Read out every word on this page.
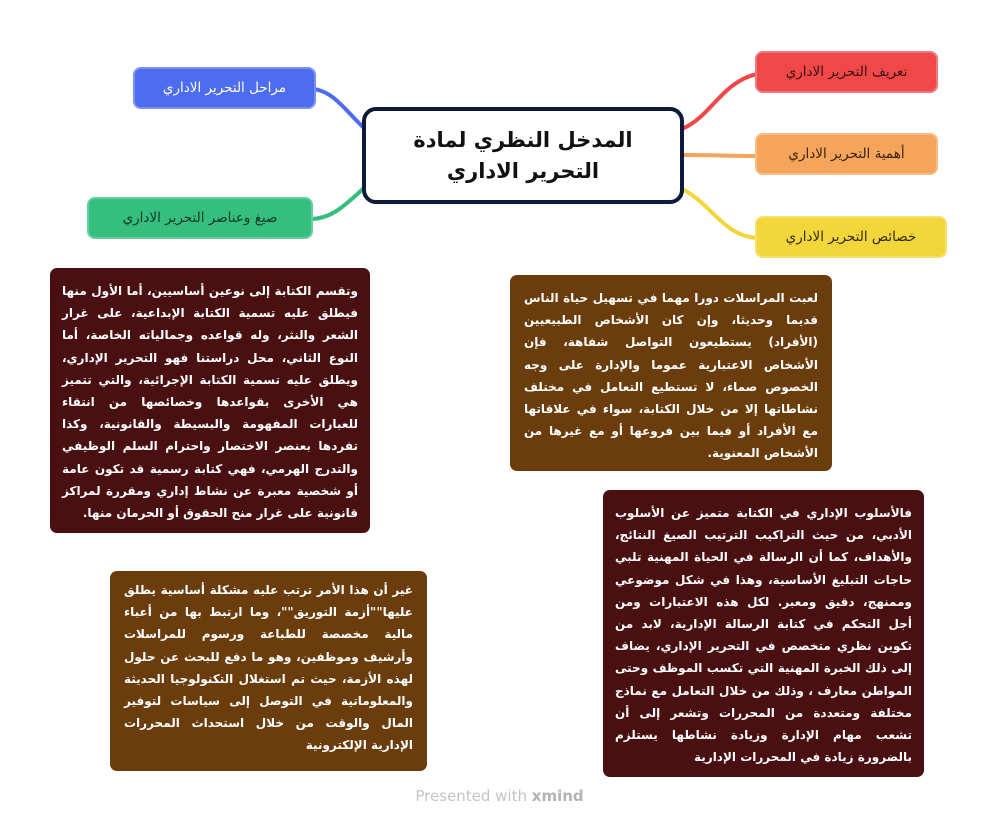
المدخل النظري لمادة التحرير الاداري
تعريف التحرير الاداري
أهمية التحرير الاداري
خصائص التحرير الاداري
مراحل التحرير الاداري
صيغ وعناصر التحرير الاداري
وتقسم الكتابة إلى نوعين أساسيين، أما الأول منها فيطلق عليه تسمية الكتابة الإبداعية، على غرار الشعر والنثر، وله قواعده وجمالياته الخاصة، أما النوع الثاني، محل دراستنا فهو التحرير الإداري، ويطلق عليه تسمية الكتابة الإجرائية، والتي تتميز هي الأخرى بقواعدها وخصائصها من انتقاء للعبارات المفهومة والبسيطة والقانونية، وكذا تفردها بعنصر الاختصار واحترام السلم الوظيفي والتدرج الهرمي، فهي كتابة رسمية قد تكون عامة أو شخصية معبرة عن نشاط إداري ومقررة لمراكز قانونية على غرار منح الحقوق أو الحرمان منها.
لعبت المراسلات دورا مهما في تسهيل حياة الناس قديما وحديثا، وإن كان الأشخاص الطبيعيين (الأفراد) يستطيعون التواصل شفاهة، فإن الأشخاص الاعتبارية عموما والإدارة على وجه الخصوص صماء، لا تستطيع التعامل في مختلف نشاطاتها إلا من خلال الكتابة، سواء في علاقاتها مع الأفراد أو فيما بين فروعها أو مع غيرها من الأشخاص المعنوية.
فالأسلوب الإداري في الكتابة متميز عن الأسلوب الأدبي، من حيث التراكيب الترتيب الصيغ النتائج، والأهداف، كما أن الرسالة في الحياة المهنية تلبي حاجات التبليغ الأساسية، وهذا في شكل موضوعي وممنهج، دقيق ومعبر. لكل هذه الاعتبارات ومن أجل التحكم في كتابة الرسالة الإدارية، لابد من تكوين نظري متخصص في التحرير الإداري، يضاف إلى ذلك الخبرة المهنية التي تكسب الموظف وحتى المواطن معارف ، وذلك من خلال التعامل مع نماذج مختلفة ومتعددة من المحررات وتشعر إلى أن تشعب مهام الإدارة وزيادة نشاطها يستلزم بالضرورة زيادة في المحررات الإدارية
غير أن هذا الأمر ترتب عليه مشكلة أساسية يطلق عليها""أزمة التوريق""، وما ارتبط بها من أعباء مالية مخصصة للطباعة ورسوم للمراسلات وأرشيف وموظفين، وهو ما دفع للبحث عن حلول لهذه الأزمة، حيث تم استغلال التكنولوجيا الحديثة والمعلوماتية في التوصل إلى سياسات لتوفير المال والوقت من خلال استحداث المحررات الإدارية الإلكترونية
Presented with xmind
